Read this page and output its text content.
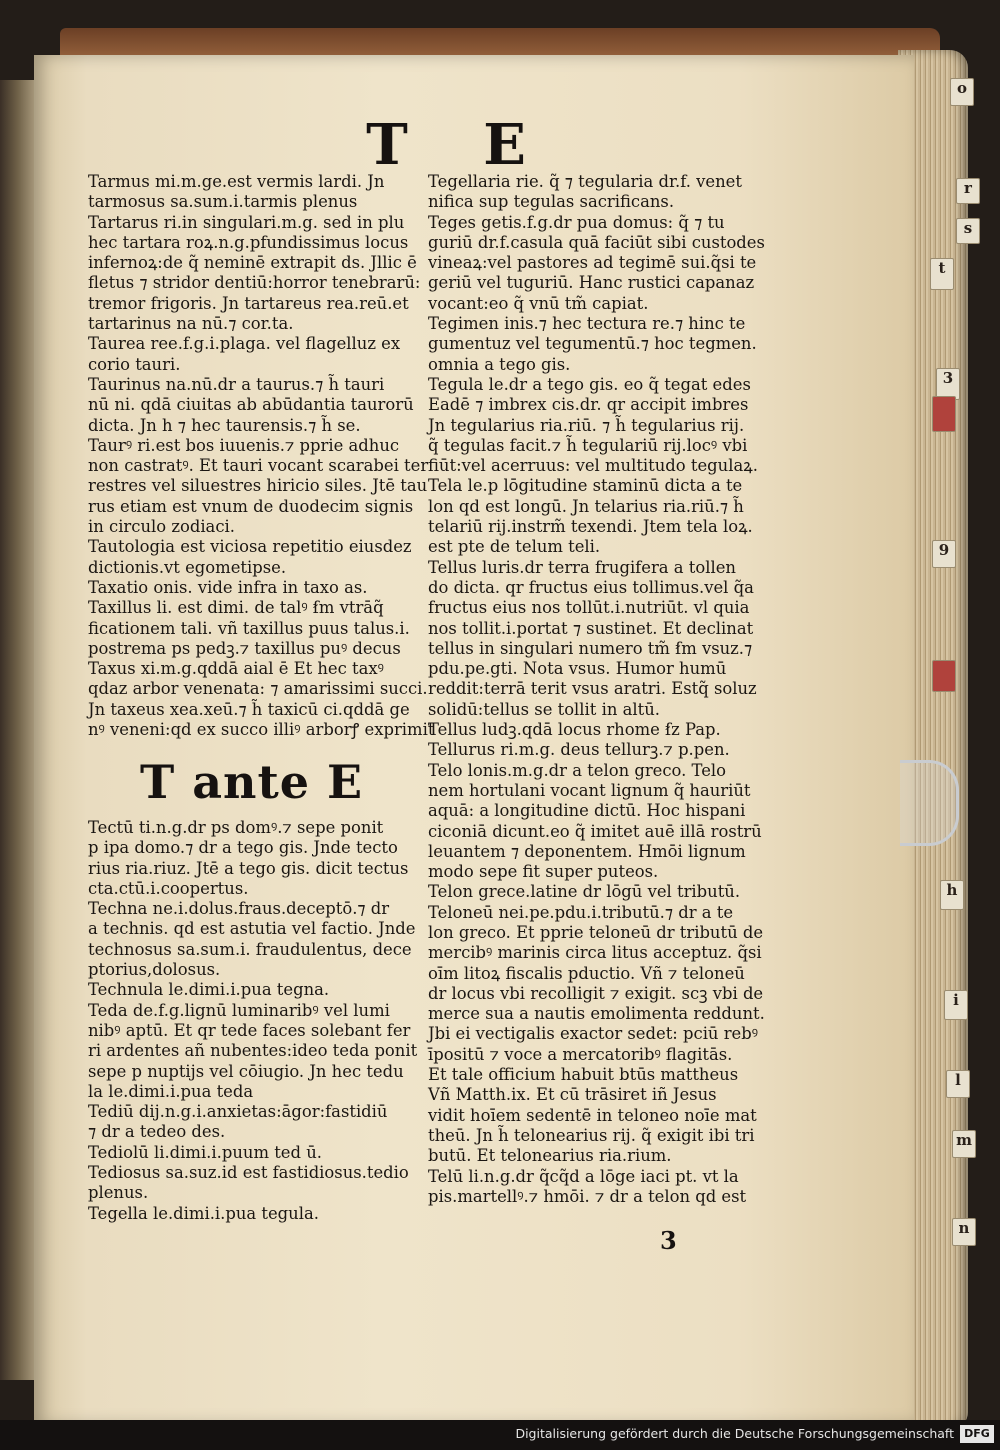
o
r
s
t
3
9
h
i
l
m
n
T E

Tarmus mi.m.ge.est vermis lardi. Jn

tarmosus sa.sum.i.tarmis plenus

Tartarus ri.in singulari.m.g. sed in plu

hec tartara roꝝ.n.g.pfundissimus locus

infernoꝝ:de q̃ neminē extrapit ds. Jllic ē

fletus ⁊ stridor dentiū:horror tenebrarū:

tremor frigoris. Jn tartareus rea.reū.et

tartarinus na nū.⁊ cor.ta.

Taurea ree.f.g.i.plaga. vel flagelluz ex

corio tauri.

Taurinus na.nū.dr a taurus.⁊ h̃ tauri

nū ni. qdā ciuitas ab abūdantia taurorū

dicta. Jn h ⁊ hec taurensis.⁊ h̃ se.

Taurꝰ ri.est bos iuuenis.⁊ pprie adhuc

non castratꝰ. Et tauri vocant scarabei ter

restres vel siluestres hiricio siles. Jtē tau

rus etiam est vnum de duodecim signis

in circulo zodiaci.

Tautologia est viciosa repetitio eiusdez

dictionis.vt egometipse.

Taxatio onis. vide infra in taxo as.

Taxillus li. est dimi. de talꝰ ẜm vtrāq̃

ficationem tali. vñ taxillus puus talus.i.

postrema ps pedꝫ.⁊ taxillus puꝰ decus

Taxus xi.m.g.qddā aial ē Et hec taxꝰ

qdaz arbor venenata: ⁊ amarissimi succi.

Jn taxeus xea.xeū.⁊ h̃ taxicū ci.qddā ge

nꝰ veneni:qd ex succo illiꝰ arborꝭ exprimit

T ante E

Tectū ti.n.g.dr ps domꝰ.⁊ sepe ponit

p ipa domo.⁊ dr a tego gis. Jnde tecto

rius ria.riuz. Jtē a tego gis. dicit tectus

cta.ctū.i.coopertus.

Techna ne.i.dolus.fraus.deceptō.⁊ dr

a technis. qd est astutia vel factio. Jnde

technosus sa.sum.i. fraudulentus, dece

ptorius,dolosus.

Technula le.dimi.i.pua tegna.

Teda de.f.g.lignū luminaribꝰ vel lumi

nibꝰ aptū. Et qr tede faces solebant fer

ri ardentes añ nubentes:ideo teda ponit

sepe p nuptijs vel cōiugio. Jn hec tedu

la le.dimi.i.pua teda

Tediū dij.n.g.i.anxietas:āgor:fastidiū

⁊ dr a tedeo des.

Tediolū li.dimi.i.puum ted ū.

Tediosus sa.suz.id est fastidiosus.tedio

plenus.

Tegella le.dimi.i.pua tegula.

Tegellaria rie. q̃ ⁊ tegularia dr.f. venet

nifica sup tegulas sacrificans.

Teges getis.f.g.dr pua domus: q̃ ⁊ tu

guriū dr.f.casula quā faciūt sibi custodes

vineaꝝ:vel pastores ad tegimē sui.q̃si te

geriū vel tuguriū. Hanc rustici capanaz

vocant:eo q̃ vnū tm̃ capiat.

Tegimen inis.⁊ hec tectura re.⁊ hinc te

gumentuz vel tegumentū.⁊ hoc tegmen.

omnia a tego gis.

Tegula le.dr a tego gis. eo q̃ tegat edes

Eadē ⁊ imbrex cis.dr. qr accipit imbres

Jn tegularius ria.riū. ⁊ h̃ tegularius rij.

q̃ tegulas facit.⁊ h̃ tegulariū rij.locꝰ vbi

fiūt:vel acerruus: vel multitudo tegulaꝝ.

Tela le.p lōgitudine staminū dicta a te

lon qd est longū. Jn telarius ria.riū.⁊ h̃

telariū rij.instrm̃ texendi. Jtem tela loꝝ.

est pte de telum teli.

Tellus luris.dr terra frugifera a tollen

do dicta. qr fructus eius tollimus.vel q̃a

fructus eius nos tollūt.i.nutriūt. vl quia

nos tollit.i.portat ⁊ sustinet. Et declinat

tellus in singulari numero tm̃ ẜm vsuz.⁊

pdu.pe.gti. Nota vsus. Humor humū

reddit:terrā terit vsus aratri. Estq̃ soluz

solidū:tellus se tollit in altū.

Tellus ludꝫ.qdā locus rhome ẜz Pap.

Tellurus ri.m.g. deus tellurꝫ.⁊ p.pen.

Telo lonis.m.g.dr a telon greco. Telo

nem hortulani vocant lignum q̃ hauriūt

aquā: a longitudine dictū. Hoc hispani

ciconiā dicunt.eo q̃ imitet auē illā rostrū

leuantem ⁊ deponentem. Hmōi lignum

modo sepe fit super puteos.

Telon grece.latine dr lōgū vel tributū.

Teloneū nei.pe.pdu.i.tributū.⁊ dr a te

lon greco. Et pprie teloneū dr tributū de

mercibꝰ marinis circa litus acceptuz. q̃si

oīm litoꝝ fiscalis pductio. Vñ ⁊ teloneū

dr locus vbi recolligit ⁊ exigit. scꝫ vbi de

merce sua a nautis emolimenta reddunt.

Jbi ei vectigalis exactor sedet: pciū rebꝰ

īpositū ⁊ voce a mercatoribꝰ flagitās.

Et tale officium habuit btūs mattheus

Vñ Matth.ix. Et cū trāsiret iñ Jesus

vidit hoīem sedentē in teloneo noīe mat

theū. Jn h̃ telonearius rij. q̃ exigit ibi tri

butū. Et telonearius ria.rium.

Telū li.n.g.dr q̃cq̃d a lōge iaci pt. vt la

pis.martellꝰ.⁊ hmōi. ⁊ dr a telon qd est

3
Digitalisierung gefördert durch die Deutsche Forschungsgemeinschaft DFG
